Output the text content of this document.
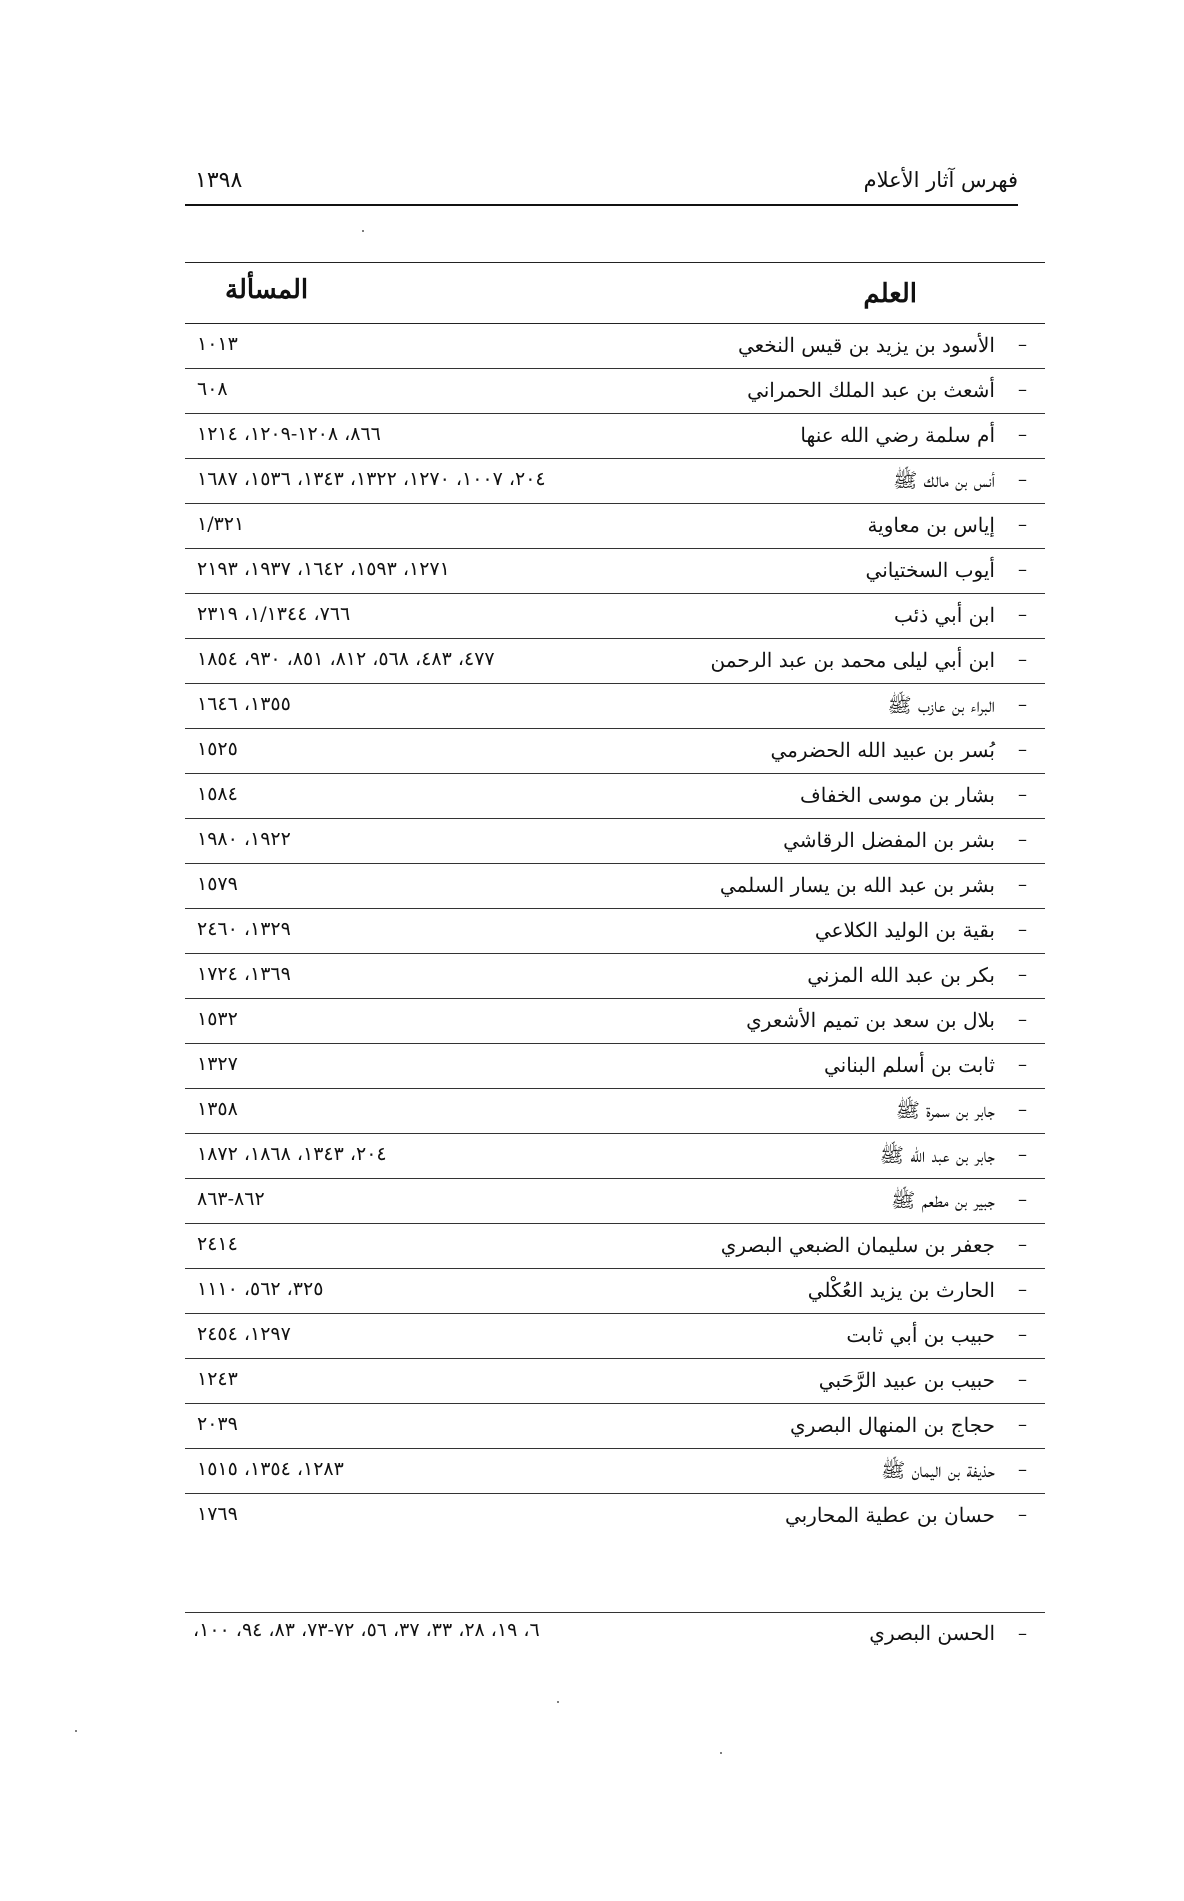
فهرس آثار الأعلام
١٣٩٨
العلم
المسألة
–
الأسود بن يزيد بن قيس النخعي
١٠١٣
–
أشعث بن عبد الملك الحمراني
٦٠٨
–
أم سلمة رضي الله عنها
٨٦٦، ١٢٠٨-١٢٠٩، ١٢١٤
–
أنس بن مالك ﷺ
٢٠٤، ١٠٠٧، ١٢٧٠، ١٣٢٢، ١٣٤٣، ١٥٣٦، ١٦٨٧
–
إياس بن معاوية
١/٣٢١
–
أيوب السختياني
١٢٧١، ١٥٩٣، ١٦٤٢، ١٩٣٧، ٢١٩٣
–
ابن أبي ذئب
٧٦٦، ١/١٣٤٤، ٢٣١٩
–
ابن أبي ليلى محمد بن عبد الرحمن
٤٧٧، ٤٨٣، ٥٦٨، ٨١٢، ٨٥١، ٩٣٠، ١٨٥٤
–
البراء بن عازب ﷺ
١٣٥٥، ١٦٤٦
–
بُسر بن عبيد الله الحضرمي
١٥٢٥
–
بشار بن موسى الخفاف
١٥٨٤
–
بشر بن المفضل الرقاشي
١٩٢٢، ١٩٨٠
–
بشر بن عبد الله بن يسار السلمي
١٥٧٩
–
بقية بن الوليد الكلاعي
١٣٢٩، ٢٤٦٠
–
بكر بن عبد الله المزني
١٣٦٩، ١٧٢٤
–
بلال بن سعد بن تميم الأشعري
١٥٣٢
–
ثابت بن أسلم البناني
١٣٢٧
–
جابر بن سمرة ﷺ
١٣٥٨
–
جابر بن عبد الله ﷺ
٢٠٤، ١٣٤٣، ١٨٦٨، ١٨٧٢
–
جبير بن مطعم ﷺ
٨٦٢-٨٦٣
–
جعفر بن سليمان الضبعي البصري
٢٤١٤
–
الحارث بن يزيد العُكْلي
٣٢٥، ٥٦٢، ١١١٠
–
حبيب بن أبي ثابت
١٢٩٧، ٢٤٥٤
–
حبيب بن عبيد الرَّحَبي
١٢٤٣
–
حجاج بن المنهال البصري
٢٠٣٩
–
حذيفة بن اليمان ﷺ
١٢٨٣، ١٣٥٤، ١٥١٥
–
حسان بن عطية المحاربي
١٧٦٩
–
الحسن البصري
٦، ١٩، ٢٨، ٣٣، ٣٧، ٥٦، ٧٢-٧٣، ٨٣، ٩٤، ١٠٠،
